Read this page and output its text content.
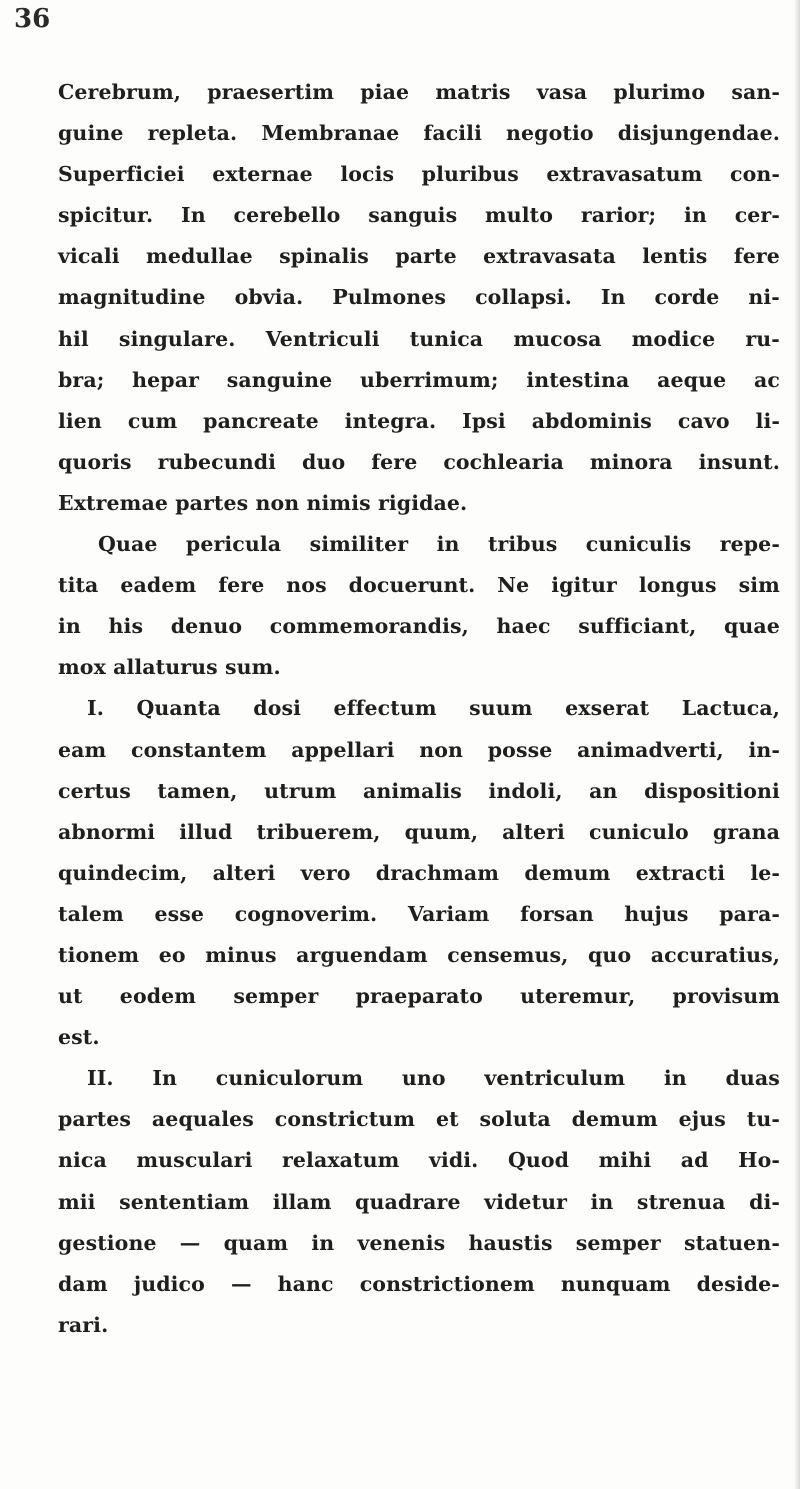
36

Cerebrum, praesertim piae matris vasa plurimo san-
guine repleta. Membranae facili negotio disjungendae.
Superficiei externae locis pluribus extravasatum con-
spicitur. In cerebello sanguis multo rarior; in cer-
vicali medullae spinalis parte extravasata lentis fere
magnitudine obvia. Pulmones collapsi. In corde ni-
hil singulare. Ventriculi tunica mucosa modice ru-
bra; hepar sanguine uberrimum; intestina aeque ac
lien cum pancreate integra. Ipsi abdominis cavo li-
quoris rubecundi duo fere cochlearia minora insunt.
Extremae partes non nimis rigidae.
Quae pericula similiter in tribus cuniculis repe-
tita eadem fere nos docuerunt. Ne igitur longus sim
in his denuo commemorandis, haec sufficiant, quae
mox allaturus sum.
I. Quanta dosi effectum suum exserat Lactuca,
eam constantem appellari non posse animadverti, in-
certus tamen, utrum animalis indoli, an dispositioni
abnormi illud tribuerem, quum, alteri cuniculo grana
quindecim, alteri vero drachmam demum extracti le-
talem esse cognoverim. Variam forsan hujus para-
tionem eo minus arguendam censemus, quo accuratius,
ut eodem semper praeparato uteremur, provisum
est.
II. In cuniculorum uno ventriculum in duas
partes aequales constrictum et soluta demum ejus tu-
nica musculari relaxatum vidi. Quod mihi ad Ho-
mii sententiam illam quadrare videtur in strenua di-
gestione — quam in venenis haustis semper statuen-
dam judico — hanc constrictionem nunquam deside-
rari.
